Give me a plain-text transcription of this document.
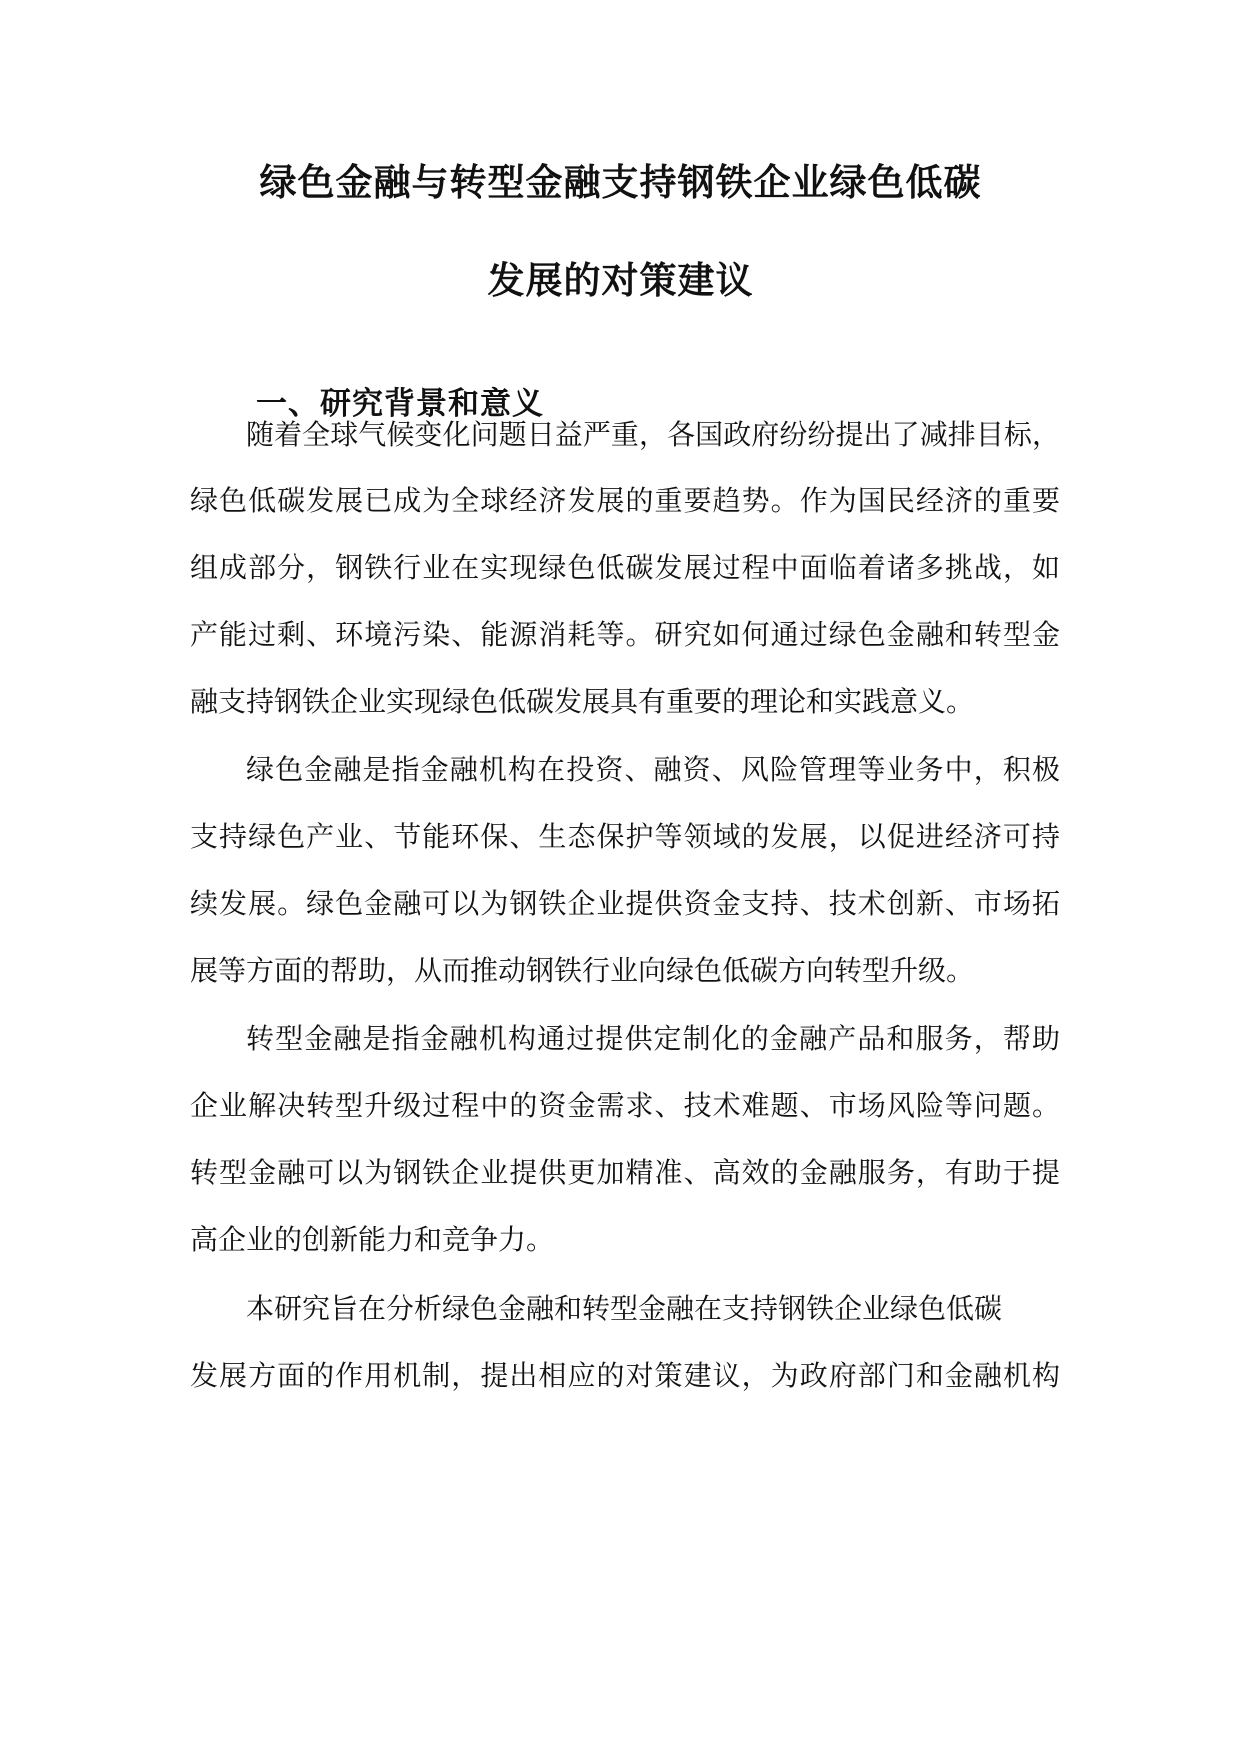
绿色金融与转型金融支持钢铁企业绿色低碳
发展的对策建议
一、研究背景和意义
随着全球气候变化问题日益严重，各国政府纷纷提出了减排目标，
绿色低碳发展已成为全球经济发展的重要趋势。作为国民经济的重要
组成部分，钢铁行业在实现绿色低碳发展过程中面临着诸多挑战，如
产能过剩、环境污染、能源消耗等。研究如何通过绿色金融和转型金
融支持钢铁企业实现绿色低碳发展具有重要的理论和实践意义。
绿色金融是指金融机构在投资、融资、风险管理等业务中，积极
支持绿色产业、节能环保、生态保护等领域的发展，以促进经济可持
续发展。绿色金融可以为钢铁企业提供资金支持、技术创新、市场拓
展等方面的帮助，从而推动钢铁行业向绿色低碳方向转型升级。
转型金融是指金融机构通过提供定制化的金融产品和服务，帮助
企业解决转型升级过程中的资金需求、技术难题、市场风险等问题。
转型金融可以为钢铁企业提供更加精准、高效的金融服务，有助于提
高企业的创新能力和竞争力。
本研究旨在分析绿色金融和转型金融在支持钢铁企业绿色低碳
发展方面的作用机制，提出相应的对策建议，为政府部门和金融机构
